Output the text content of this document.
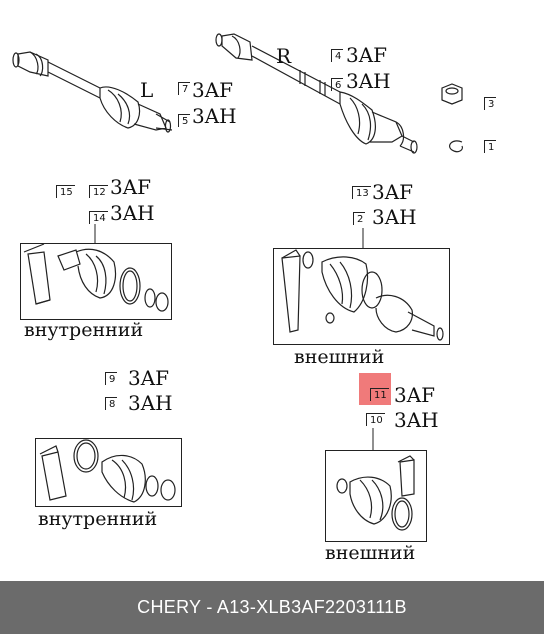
L	7 3AF
5 3AH
R	4 3AF
6 3AH
3
1
15	12 3AF
14 3AH
внутренний
13 3AF
2 3AH
внешний
9 3AF
8 3AH
внутренний
11 3AF
10 3AH
внешний
CHERY - A13-XLB3AF2203111B
